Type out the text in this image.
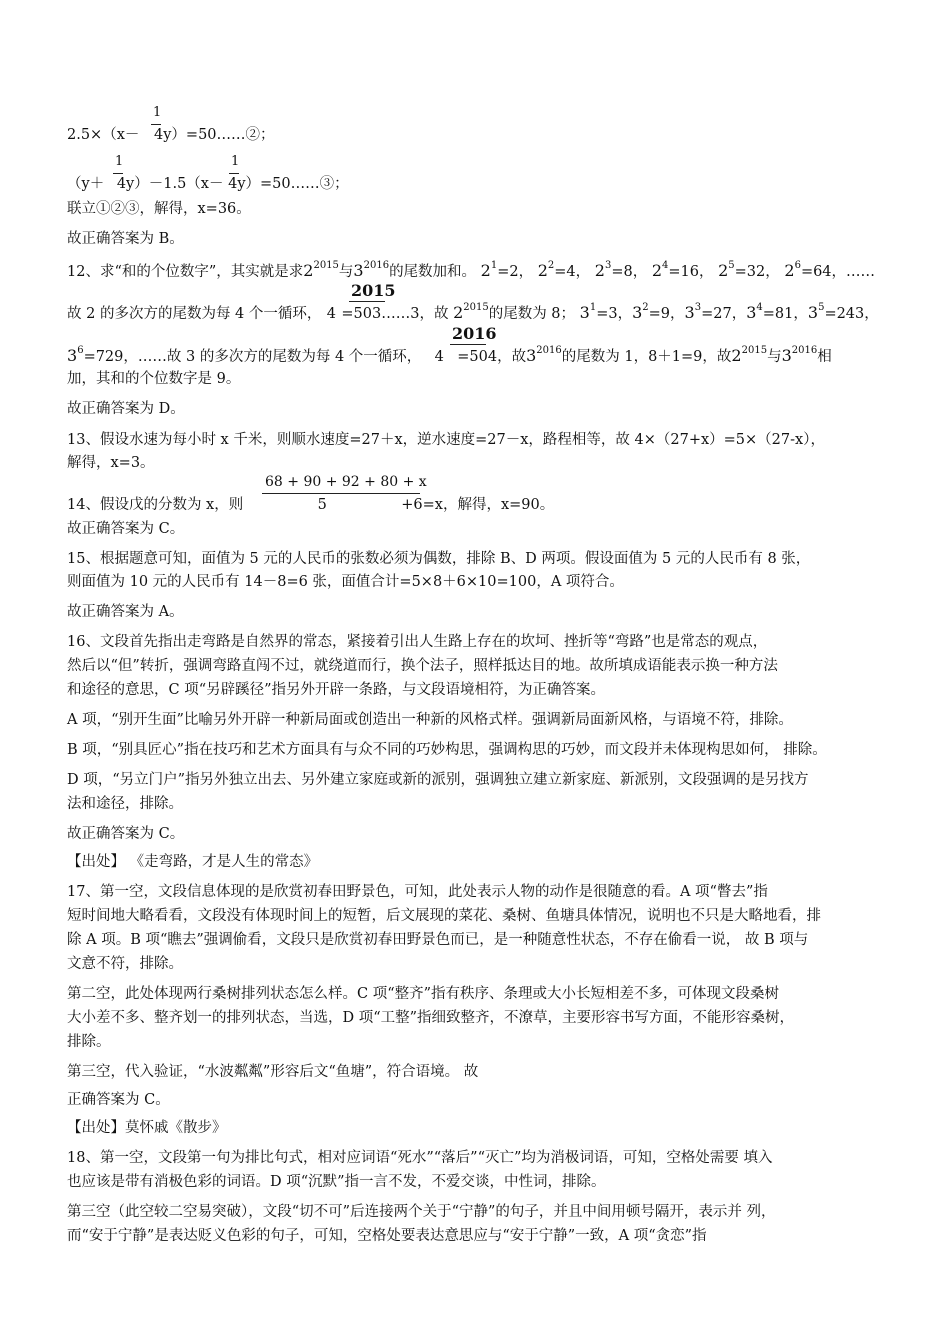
2.5×（x－ 4y）=50……②；
1
（y＋ 4y）－1.5（x－ 4y）=50……③；
1	1
联立①②③，解得，x=36。
故正确答案为 B。
12、求“和的个位数字”，其实就是求$2^{2015}$与$3^{2016}$的尾数加和。 $2^1=2$， $2^2=4$， $2^3=8$， $2^4=16$， $2^5=32$， $2^6=64$，……
故 2 的多次方的尾数为每 4 个一循环， 4 =503……3，故 $2^{2015}$的尾数为 8； $3^1=3$，$3^2=9$，$3^3=27$，$3^4=81$，$3^5=243$，
2015
$3^6=729$，……故 3 的多次方的尾数为每 4 个一循环， 4 =504，故$3^{2016}$的尾数为 1，8＋1=9，故$2^{2015}$与$3^{2016}$相
2016
加，其和的个位数字是 9。
故正确答案为 D。
13、假设水速为每小时 x 千米，则顺水速度=27＋x，逆水速度=27－x，路程相等，故 4×（27+x）=5×（27-x），
解得，x=3。
14、假设戊的分数为 x，则	5	+6=x，解得，x=90。
68 + 90 + 92 + 80 + x
故正确答案为 C。
15、根据题意可知，面值为 5 元的人民币的张数必须为偶数，排除 B、D 两项。假设面值为 5 元的人民币有 8 张，
则面值为 10 元的人民币有 14－8=6 张，面值合计=5×8＋6×10=100，A 项符合。
故正确答案为 A。
16、文段首先指出走弯路是自然界的常态，紧接着引出人生路上存在的坎坷、挫折等“弯路”也是常态的观点，
然后以“但”转折，强调弯路直闯不过，就绕道而行，换个法子，照样抵达目的地。故所填成语能表示换一种方法
和途径的意思，C 项“另辟蹊径”指另外开辟一条路，与文段语境相符，为正确答案。
A 项，“别开生面”比喻另外开辟一种新局面或创造出一种新的风格式样。强调新局面新风格，与语境不符，排除。
B 项，“别具匠心”指在技巧和艺术方面具有与众不同的巧妙构思，强调构思的巧妙，而文段并未体现构思如何， 排除。
D 项，“另立门户”指另外独立出去、另外建立家庭或新的派别，强调独立建立新家庭、新派别，文段强调的是另找方
法和途径，排除。
故正确答案为 C。
【出处】 《走弯路，才是人生的常态》
17、第一空，文段信息体现的是欣赏初春田野景色，可知，此处表示人物的动作是很随意的看。A 项“瞥去”指
短时间地大略看看，文段没有体现时间上的短暂，后文展现的菜花、桑树、鱼塘具体情况，说明也不只是大略地看，排
除 A 项。B 项“瞧去”强调偷看，文段只是欣赏初春田野景色而已，是一种随意性状态，不存在偷看一说， 故 B 项与
文意不符，排除。
第二空，此处体现两行桑树排列状态怎么样。C 项“整齐”指有秩序、条理或大小长短相差不多，可体现文段桑树
大小差不多、整齐划一的排列状态，当选，D 项“工整”指细致整齐，不潦草，主要形容书写方面，不能形容桑树，
排除。
第三空，代入验证，“水波粼粼”形容后文“鱼塘”，符合语境。 故
正确答案为 C。
【出处】莫怀戚《散步》
18、第一空，文段第一句为排比句式，相对应词语“死水”“落后”“灭亡”均为消极词语，可知，空格处需要 填入
也应该是带有消极色彩的词语。D 项“沉默”指一言不发，不爱交谈，中性词，排除。
第三空（此空较二空易突破），文段“切不可”后连接两个关于“宁静”的句子，并且中间用顿号隔开，表示并 列，
而“安于宁静”是表达贬义色彩的句子，可知，空格处要表达意思应与“安于宁静”一致，A 项“贪恋”指
